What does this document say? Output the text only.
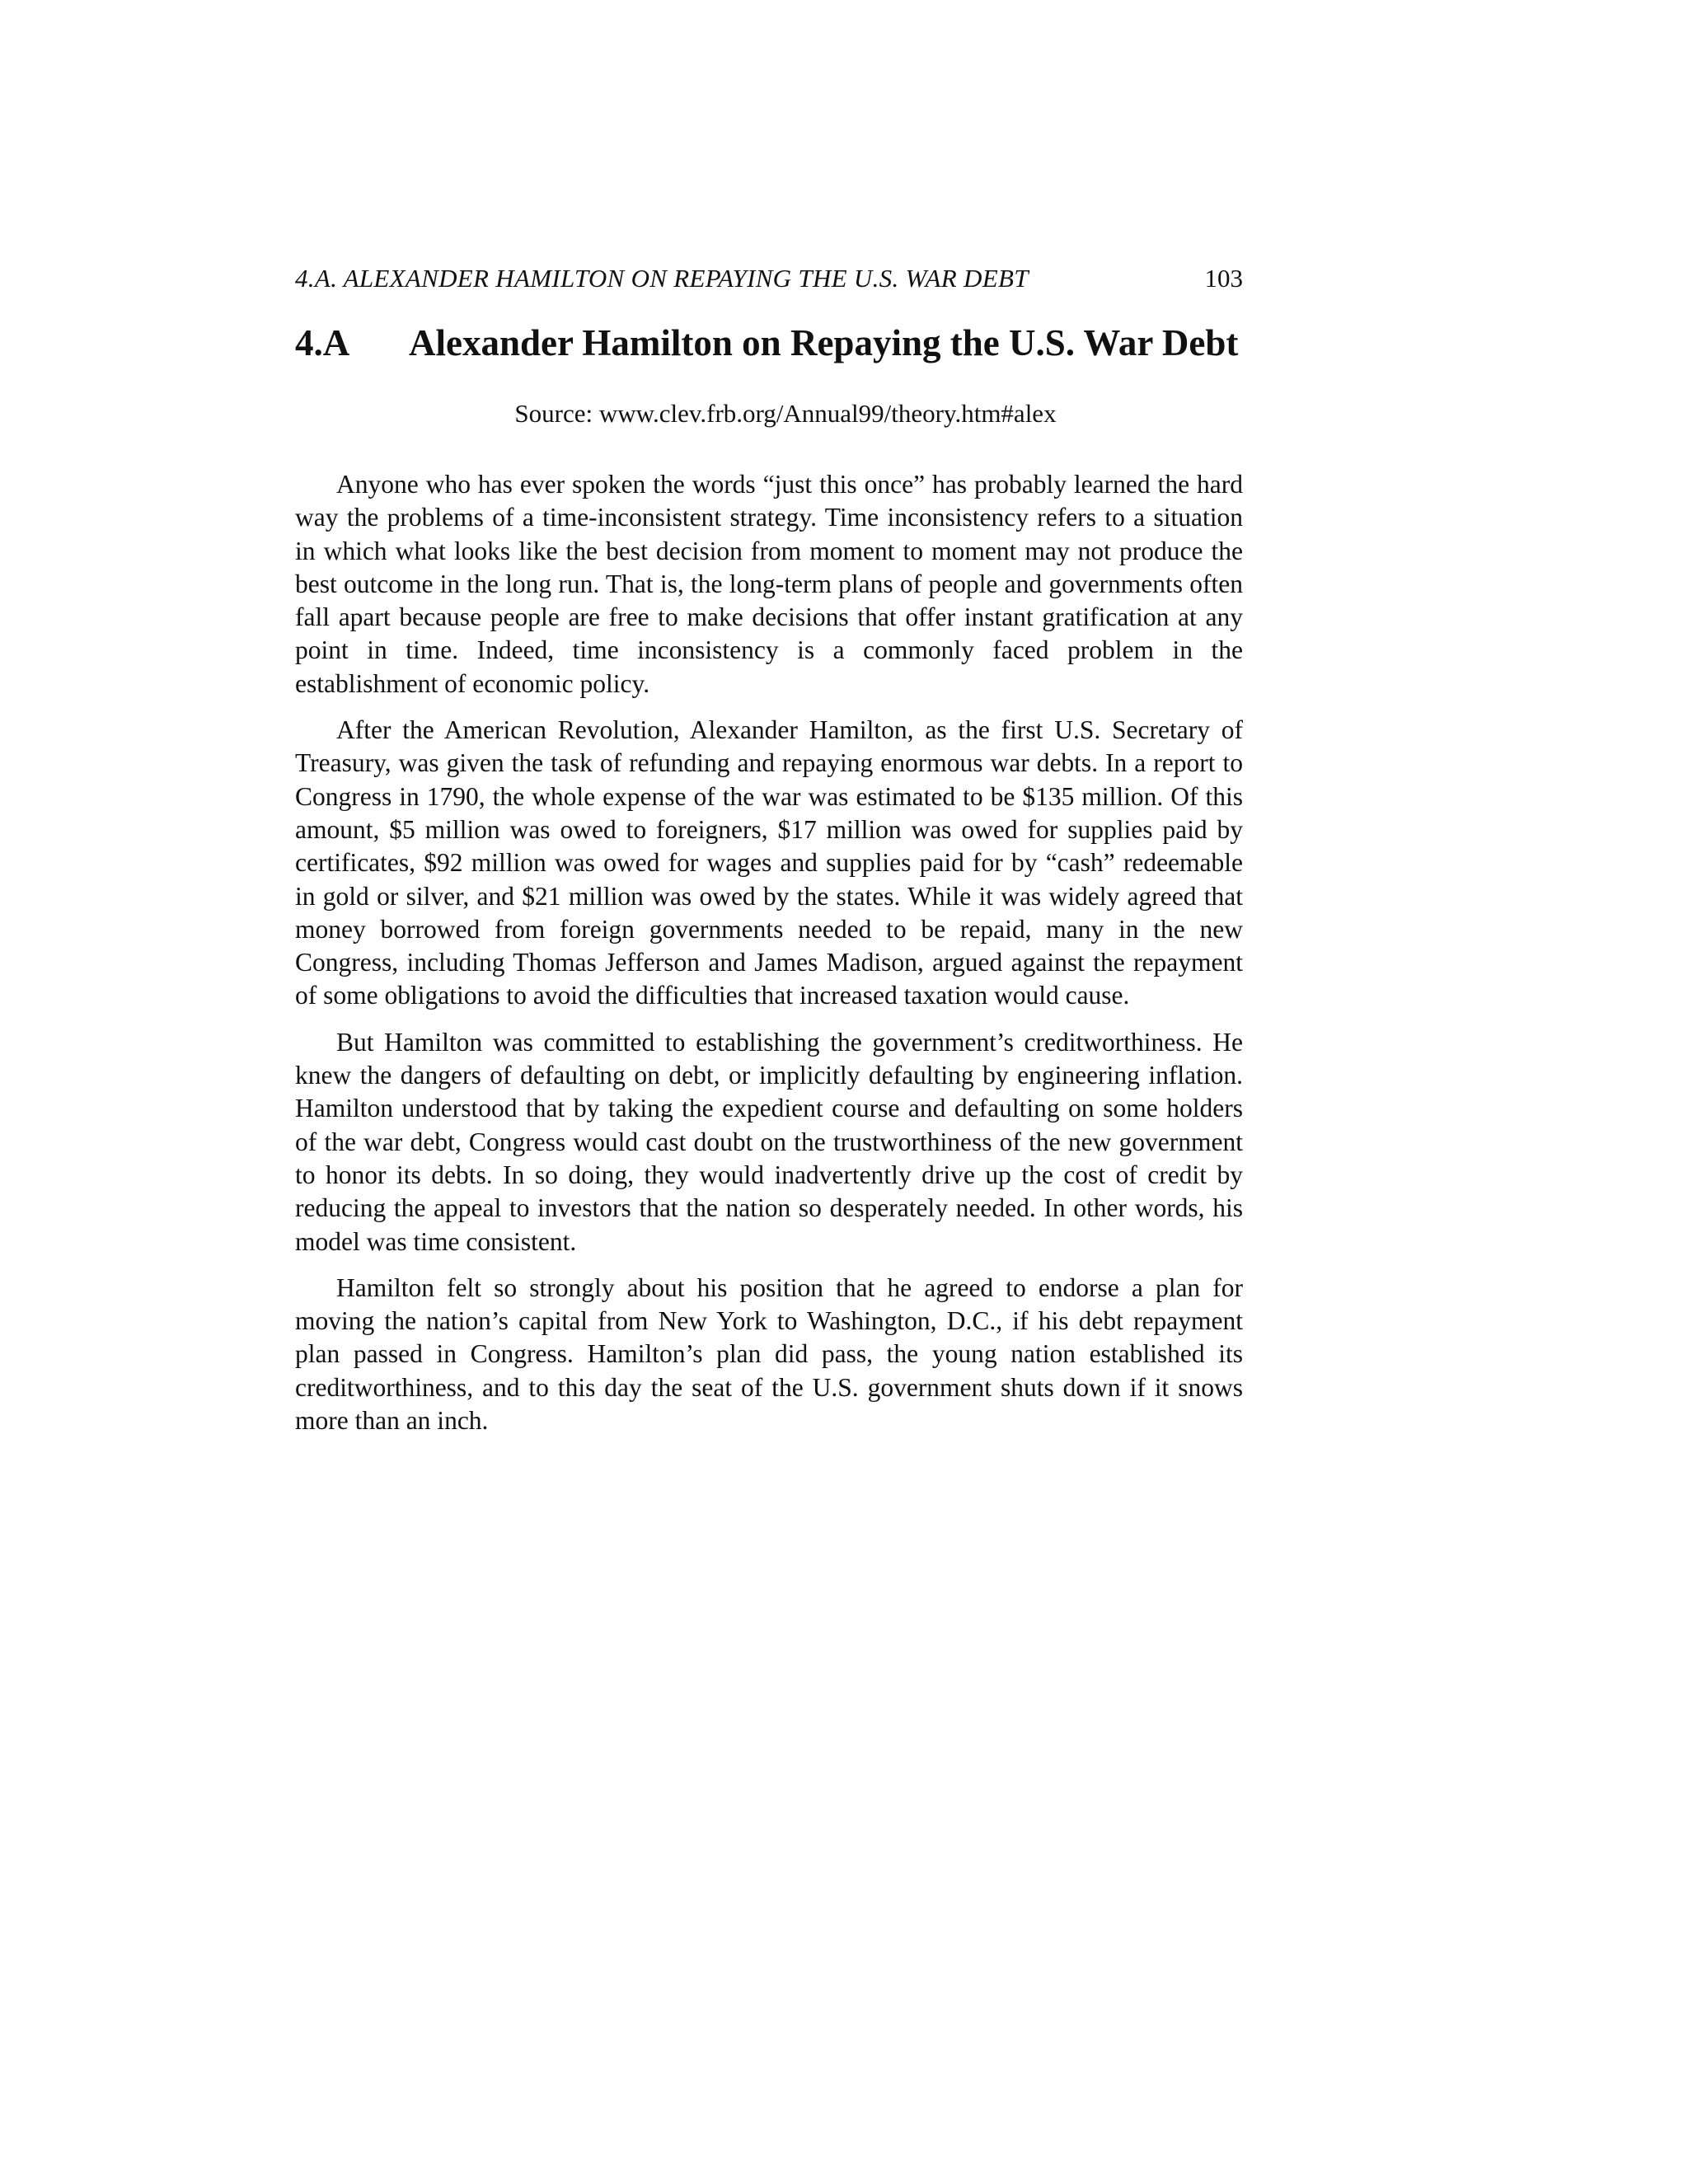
4.A. ALEXANDER HAMILTON ON REPAYING THE U.S. WAR DEBT	103
4.A	Alexander Hamilton on Repaying the U.S. War Debt
Source: www.clev.frb.org/Annual99/theory.htm#alex

Anyone who has ever spoken the words “just this once” has probably learned the hard way the problems of a time-inconsistent strategy. Time inconsistency refers to a situation in which what looks like the best decision from moment to moment may not produce the best outcome in the long run. That is, the long-term plans of people and governments often fall apart because people are free to make decisions that offer instant gratification at any point in time. Indeed, time inconsistency is a commonly faced problem in the establishment of economic policy.

After the American Revolution, Alexander Hamilton, as the first U.S. Secretary of Treasury, was given the task of refunding and repaying enormous war debts. In a report to Congress in 1790, the whole expense of the war was estimated to be $135 million. Of this amount, $5 million was owed to foreigners, $17 million was owed for supplies paid by certificates, $92 million was owed for wages and supplies paid for by “cash” redeemable in gold or silver, and $21 million was owed by the states. While it was widely agreed that money borrowed from foreign governments needed to be repaid, many in the new Congress, including Thomas Jefferson and James Madison, argued against the repayment of some obligations to avoid the difficulties that increased taxation would cause.

But Hamilton was committed to establishing the government’s creditworthiness. He knew the dangers of defaulting on debt, or implicitly defaulting by engineering inflation. Hamilton understood that by taking the expedient course and defaulting on some holders of the war debt, Congress would cast doubt on the trustworthiness of the new government to honor its debts. In so doing, they would inadvertently drive up the cost of credit by reducing the appeal to investors that the nation so desperately needed. In other words, his model was time consistent.

Hamilton felt so strongly about his position that he agreed to endorse a plan for moving the nation’s capital from New York to Washington, D.C., if his debt repayment plan passed in Congress. Hamilton’s plan did pass, the young nation established its creditworthiness, and to this day the seat of the U.S. government shuts down if it snows more than an inch.
